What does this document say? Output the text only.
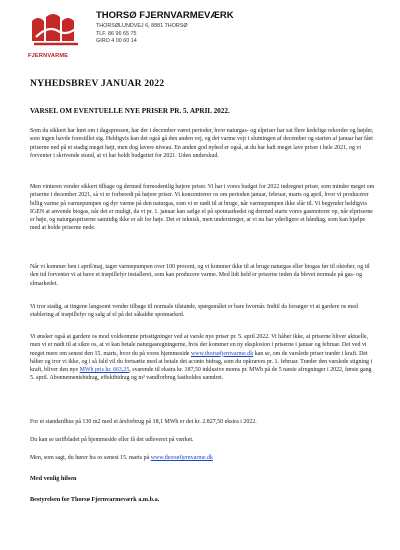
FJERNVARME
THORSØ FJERNVARMEVÆRK
THORSØLUNDVEJ 6, 8881 THORSØ
TLF. 86 96 65 75
GIRO 4 00 60 14
NYHEDSBREV JANUAR 2022
VARSEL OM EVENTUELLE NYE PRISER PR. 5. APRIL 2022.
Som du sikkert har hørt om i dagspressen, har der i december været perioder, hvor naturgas- og elpriser har sat flere kedelige rekorder og højder, som ingen havde forestillet sig. Heldigvis kan det også gå den anden vej, og det varme vejr i slutningen af december og starten af januar har fået priserne ned på et stadig meget højt, men dog lavere niveau. En anden god nyhed er også, at du har haft meget lave priser i hele 2021, og vi forventer i skrivende stund, at vi har holdt budgettet for 2021. Uden underskud.
Men vinteren vender sikkert tilbage og dermed formodentlig højere priser. Vi har i vores budget for 2022 indregnet priser, som minder meget om priserne i december 2021, så vi er forberedt på højere priser. Vi koncentrerer os om perioden januar, februar, marts og april, hvor vi producerer billig varme på varmepumpen og dyr varme på den naturgas, som vi er nødt til at bruge, når varmepumpen ikke slår til. Vi begynder heldigvis IGEN at anvende biogas, når det er muligt, da vi pr. 1. januar kan sælge el på spotmarkedet og dermed starte vores gasmotorer op, når elpriserne er høje, og naturgaspriserne samtidig ikke er alt for høje. Det er teknisk, men understreger, at vi nu har yderligere et håndtag, som kan hjælpe med at holde priserne nede.
Når vi kommer hen i april/maj, tager varmepumpen over 100 procent, og vi kommer ikke til at bruge naturgas eller biogas før til oktober, og til den tid forventer vi at have et træpillefyr installeret, som kan producere varme. Med lidt held er priserne inden da blevet normale på gas- og elmarkedet.
Vi tror stadig, at tingene langsomt vender tilbage til normale tilstande, spørgsmålet er bare hvornår. Indtil da forsøger vi at gardere os med etablering af træpillefyr og salg af el på det såkaldte spotmarked.
Vi ønsker også at gardere os mod voldsomme prisstigninger ved at varsle nye priser pr. 5. april 2022. Vi håber ikke, at priserne bliver aktuelle, men vi er nødt til at sikre os, at vi kan betale naturgasregningerne, hvis der kommer en ny eksplosion i priserne i januar og februar. Det ved vi meget mere om senest den 15. marts, hvor du på vores hjemmeside www.thorsøfjernvarme.dk kan se, om de varslede priser træder i kraft. Det håber og tror vi ikke, og i så fald vil du fortsætte med at betale det aconto bidrag, som du opkræves pr. 1. februar. Træder den varslede stigning i kraft, bliver den nye MWh pris kr. 663,25, svarende til ekstra kr. 187,50 inklusive moms pr. MWh på de 5 næste afregninger i 2022, første gang 5. april. Abonnementsbidrag, effektbidrag og m³ vandforbrug fastholdes uændret.
For et standardhus på 130 m2 med et årsforbrug på 18,1 MWh er det kr. 2.827,50 ekstra i 2022.
Du kan se tarifbladet på hjemmeside eller få det udleveret på værket.
Men, som sagt, du hører fra os senest 15. marts på www.thorsøfjernvarme.dk
Med venlig hilsen
Bestyrelsen for Thorsø Fjernvarmeværk a.m.b.a.
